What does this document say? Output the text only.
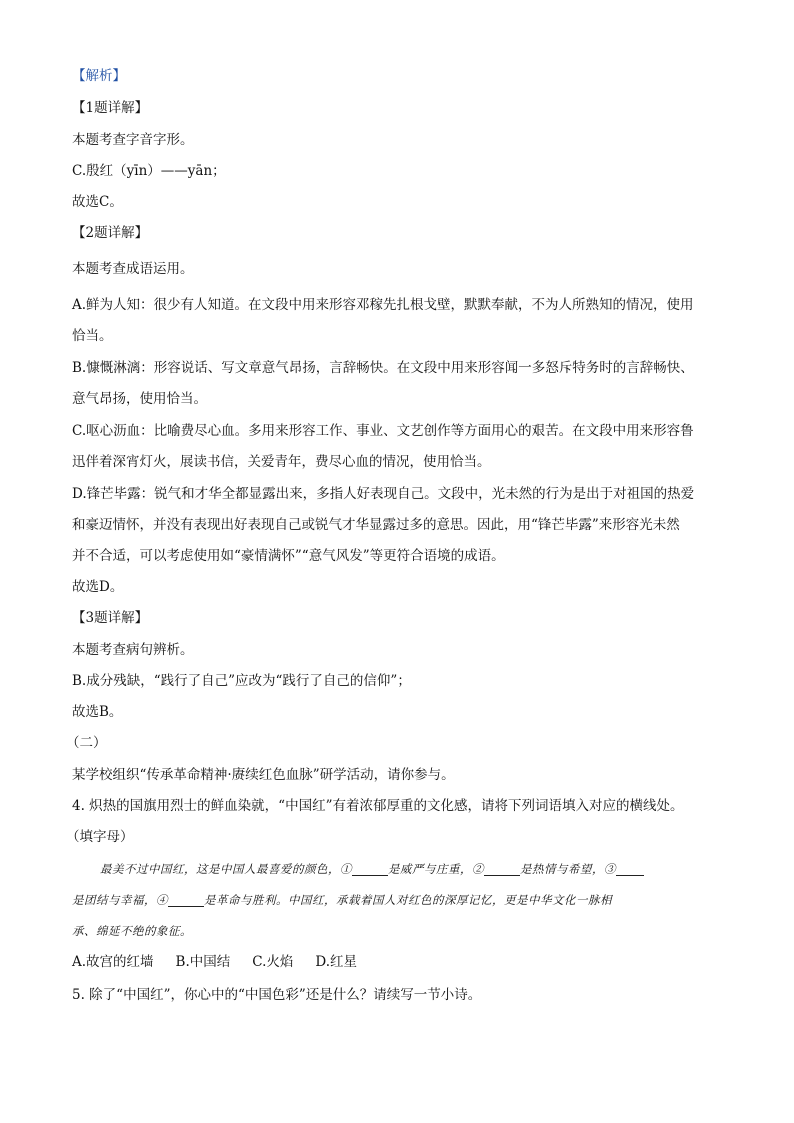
【解析】
【1题详解】
本题考查字音字形。
C.殷红（yīn）——yān；
故选C。
【2题详解】
本题考查成语运用。
A.鲜为人知：很少有人知道。在文段中用来形容邓稼先扎根戈壁，默默奉献，不为人所熟知的情况，使用
恰当。
B.慷慨淋漓：形容说话、写文章意气昂扬，言辞畅快。在文段中用来形容闻一多怒斥特务时的言辞畅快、
意气昂扬，使用恰当。
C.呕心沥血：比喻费尽心血。多用来形容工作、事业、文艺创作等方面用心的艰苦。在文段中用来形容鲁
迅伴着深宵灯火，展读书信，关爱青年，费尽心血的情况，使用恰当。
D.锋芒毕露：锐气和才华全都显露出来，多指人好表现自己。文段中，光未然的行为是出于对祖国的热爱
和豪迈情怀，并没有表现出好表现自己或锐气才华显露过多的意思。因此，用“锋芒毕露”来形容光未然
并不合适，可以考虑使用如“豪情满怀”“意气风发”等更符合语境的成语。
故选D。
【3题详解】
本题考查病句辨析。
B.成分残缺，“践行了自己”应改为“践行了自己的信仰”；
故选B。
（二）
某学校组织“传承革命精神·赓续红色血脉”研学活动，请你参与。
4. 炽热的国旗用烈士的鲜血染就，“中国红”有着浓郁厚重的文化感，请将下列词语填入对应的横线处。
（填字母）
最美不过中国红，这是中国人最喜爱的颜色，①	是威严与庄重，②	是热情与希望，③
是团结与幸福，④	是革命与胜利。中国红，承载着国人对红色的深厚记忆，更是中华文化一脉相
承、绵延不绝的象征。
A.故宫的红墙 B.中国结 C.火焰 D.红星
5. 除了“中国红”，你心中的“中国色彩”还是什么？请续写一节小诗。
